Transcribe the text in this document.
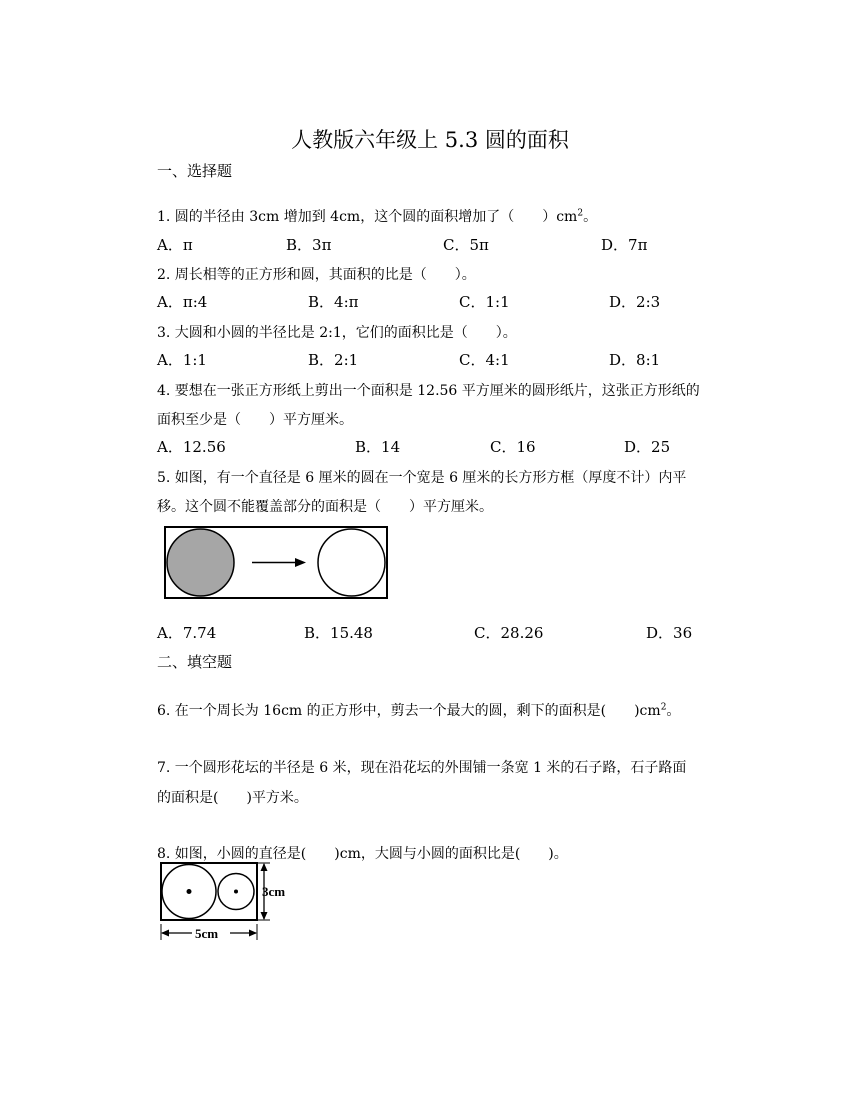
人教版六年级上 5.3 圆的面积
一、选择题
1. 圆的半径由 3cm 增加到 4cm，这个圆的面积增加了（　　）$cm^2$。
A．π	B．3π	C．5π	D．7π
2. 周长相等的正方形和圆，其面积的比是（　　）。
A．π:4	B．4:π	C．1:1	D．2:3
3. 大圆和小圆的半径比是 2:1，它们的面积比是（　　）。
A．1:1	B．2:1	C．4:1	D．8:1
4. 要想在一张正方形纸上剪出一个面积是 12.56 平方厘米的圆形纸片，这张正方形纸的
面积至少是（　　）平方厘米。
A．12.56	B．14	C．16	D．25
5. 如图，有一个直径是 6 厘米的圆在一个宽是 6 厘米的长方形方框（厚度不计）内平
移。这个圆不能覆盖部分的面积是（　　）平方厘米。
A．7.74	B．15.48	C．28.26	D．36
二、填空题
6. 在一个周长为 16cm 的正方形中，剪去一个最大的圆，剩下的面积是(　　)$cm^2$。
7. 一个圆形花坛的半径是 6 米，现在沿花坛的外围铺一条宽 1 米的石子路，石子路面
的面积是(　　)平方米。
8. 如图，小圆的直径是(　　)cm，大圆与小圆的面积比是(　　)。
3cm
5cm
